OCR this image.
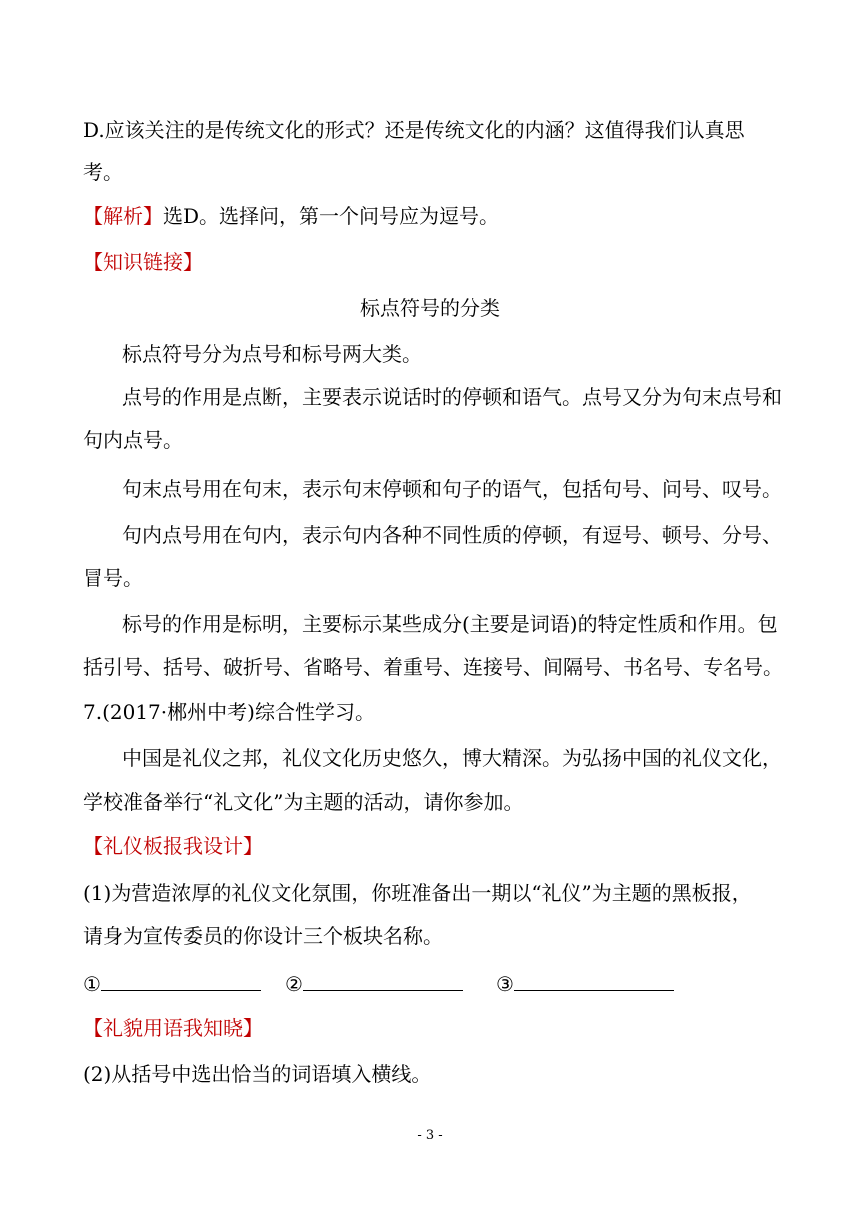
D.应该关注的是传统文化的形式？还是传统文化的内涵？这值得我们认真思
考。
【解析】选D。选择问，第一个问号应为逗号。
【知识链接】
标点符号的分类
标点符号分为点号和标号两大类。
点号的作用是点断，主要表示说话时的停顿和语气。点号又分为句末点号和
句内点号。
句末点号用在句末，表示句末停顿和句子的语气，包括句号、问号、叹号。
句内点号用在句内，表示句内各种不同性质的停顿，有逗号、顿号、分号、
冒号。
标号的作用是标明，主要标示某些成分(主要是词语)的特定性质和作用。包
括引号、括号、破折号、省略号、着重号、连接号、间隔号、书名号、专名号。
7.(2017·郴州中考)综合性学习。
中国是礼仪之邦，礼仪文化历史悠久，博大精深。为弘扬中国的礼仪文化，
学校准备举行“礼文化”为主题的活动，请你参加。
【礼仪板报我设计】
(1)为营造浓厚的礼仪文化氛围，你班准备出一期以“礼仪”为主题的黑板报，
请身为宣传委员的你设计三个板块名称。
①	②	③
【礼貌用语我知晓】
(2)从括号中选出恰当的词语填入横线。
- 3 -
